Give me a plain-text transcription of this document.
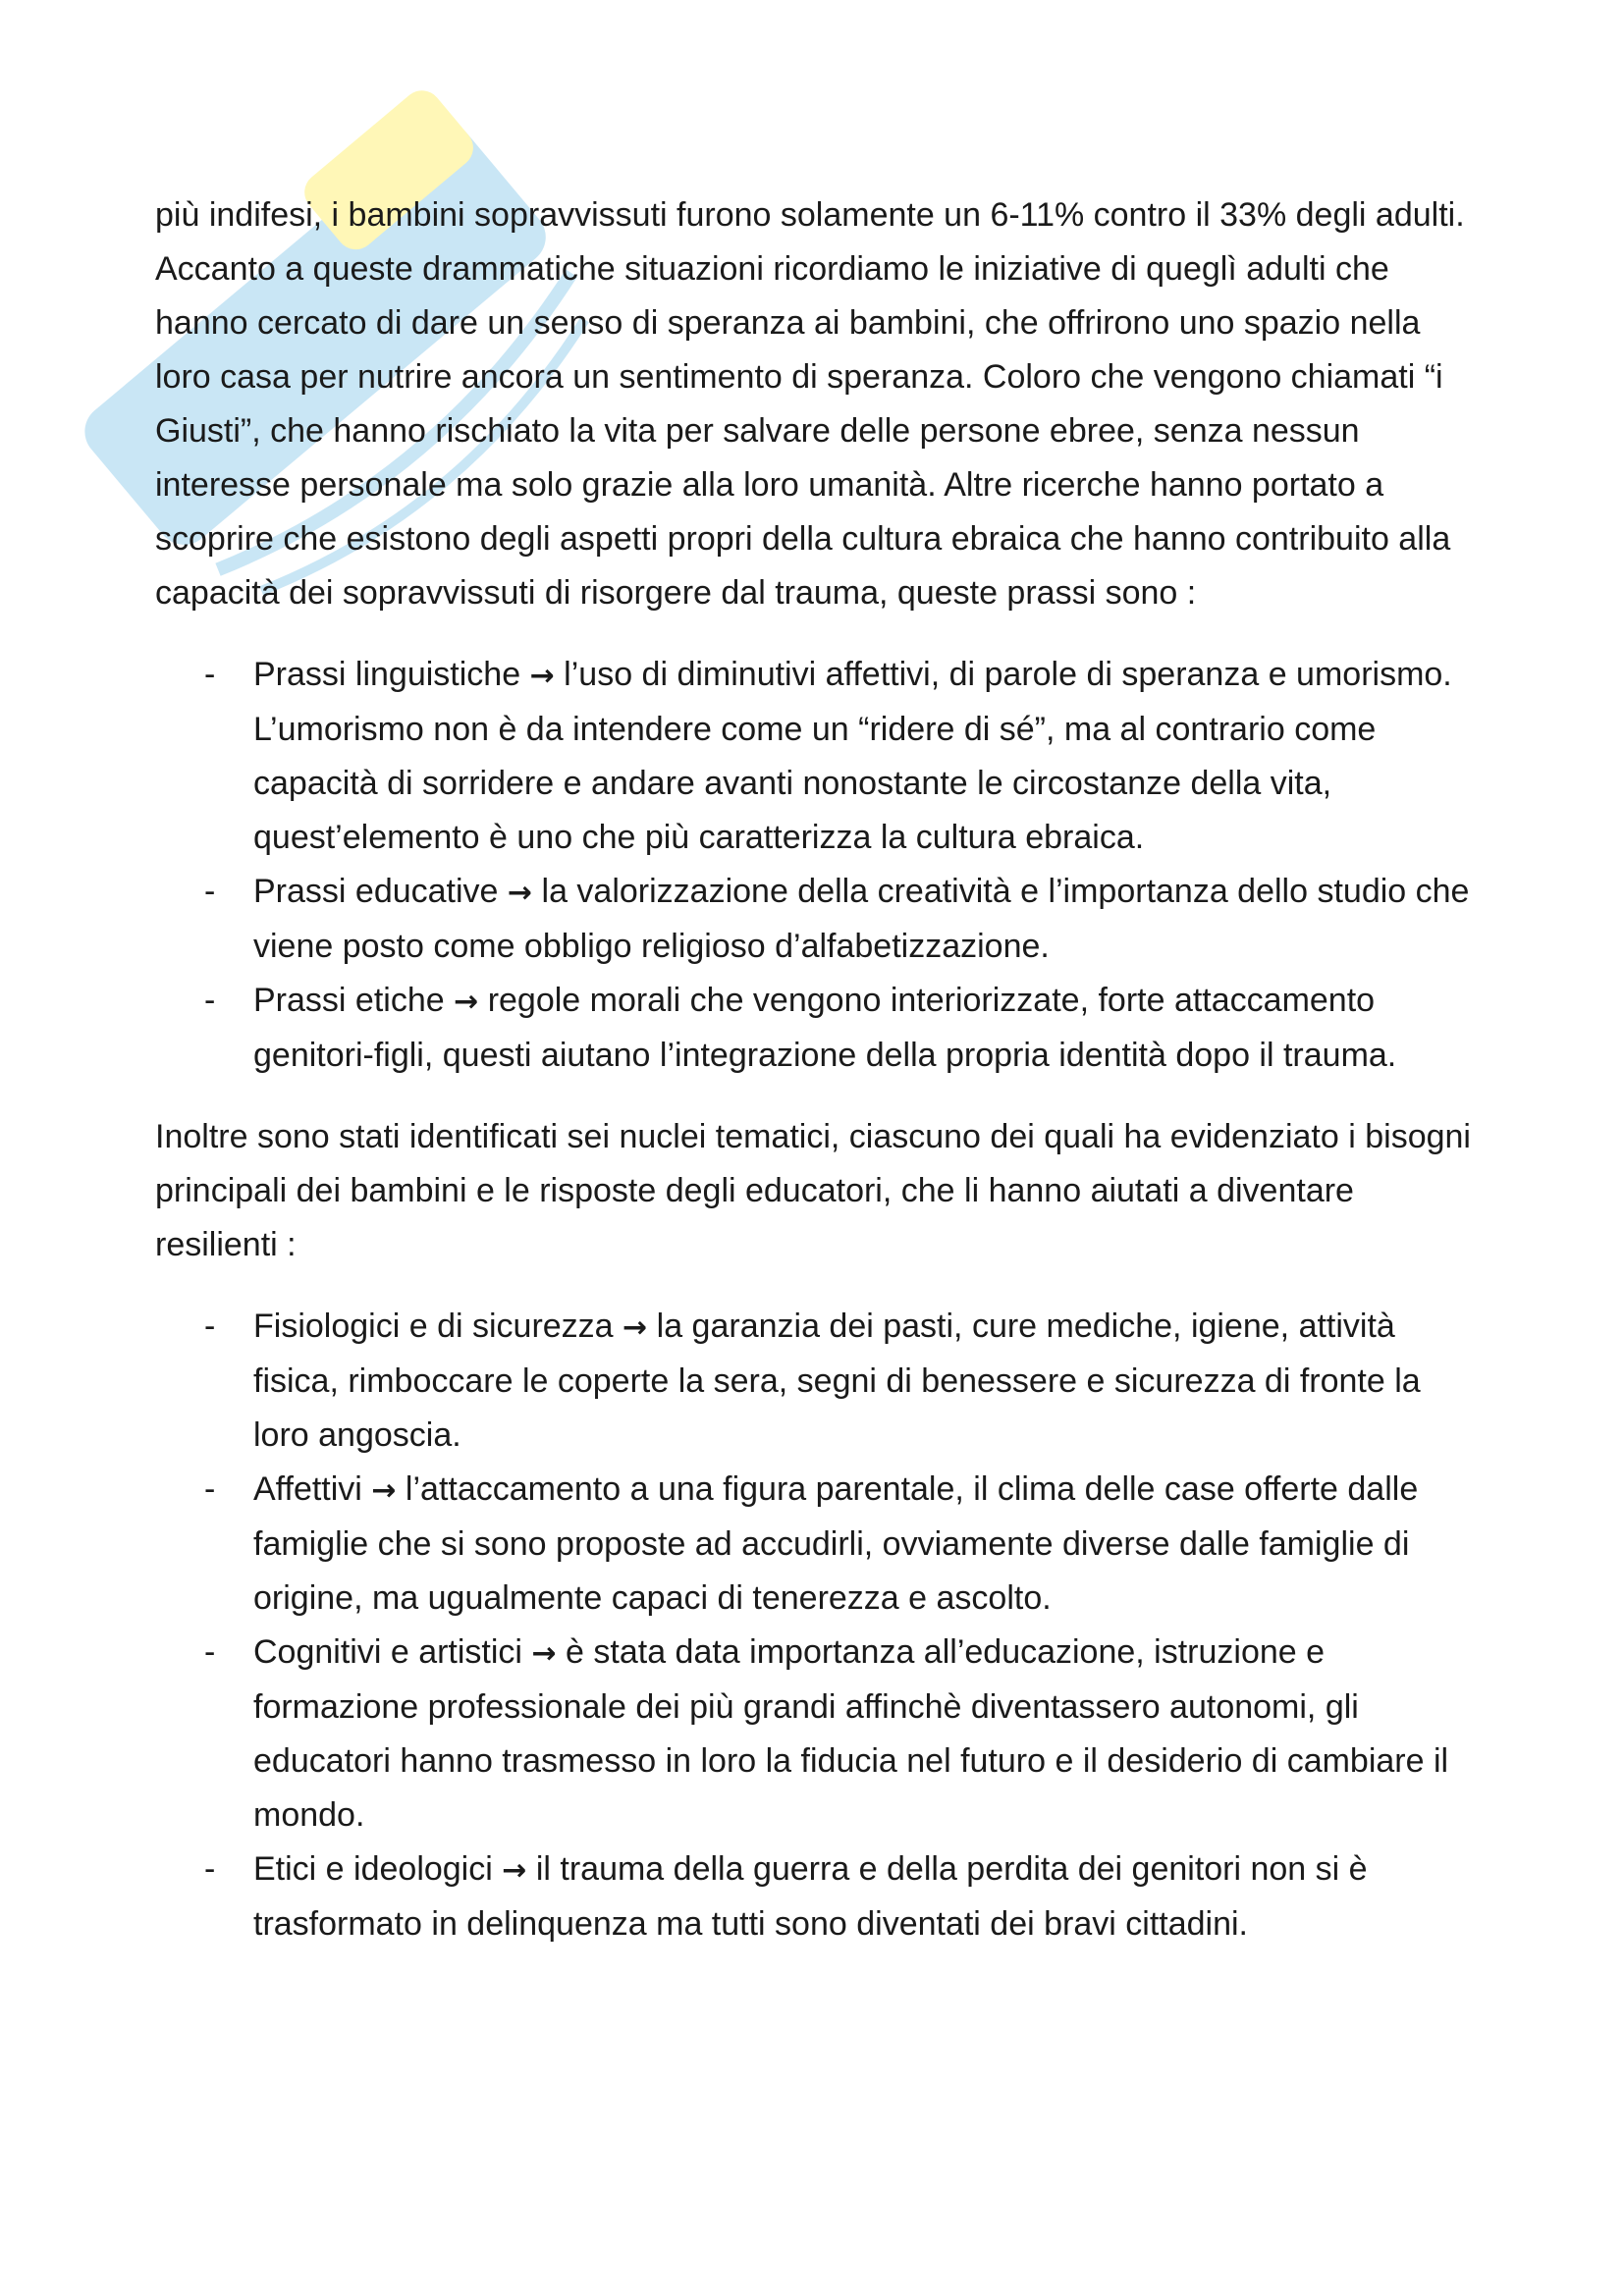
più indifesi, i bambini sopravvissuti furono solamente un 6-11% contro il 33% degli adulti. Accanto a queste drammatiche situazioni ricordiamo le iniziative di queglì adulti che hanno cercato di dare un senso di speranza ai bambini, che offrirono uno spazio nella loro casa per nutrire ancora un sentimento di speranza. Coloro che vengono chiamati “i Giusti”, che hanno rischiato la vita per salvare delle persone ebree, senza nessun interesse personale ma solo grazie alla loro umanità. Altre ricerche hanno portato a scoprire che esistono degli aspetti propri della cultura ebraica che hanno contribuito alla capacità dei sopravvissuti di risorgere dal trauma, queste prassi sono :

- Prassi linguistiche → l’uso di diminutivi affettivi, di parole di speranza e umorismo. L’umorismo non è da intendere come un “ridere di sé”, ma al contrario come capacità di sorridere e andare avanti nonostante le circostanze della vita, quest’elemento è uno che più caratterizza la cultura ebraica.
- Prassi educative → la valorizzazione della creatività e l’importanza dello studio che viene posto come obbligo religioso d’alfabetizzazione.
- Prassi etiche → regole morali che vengono interiorizzate, forte attaccamento genitori-figli, questi aiutano l’integrazione della propria identità dopo il trauma.

Inoltre sono stati identificati sei nuclei tematici, ciascuno dei quali ha evidenziato i bisogni principali dei bambini e le risposte degli educatori, che li hanno aiutati a diventare resilienti :

- Fisiologici e di sicurezza → la garanzia dei pasti, cure mediche, igiene, attività fisica, rimboccare le coperte la sera, segni di benessere e sicurezza di fronte la loro angoscia.
- Affettivi → l’attaccamento a una figura parentale, il clima delle case offerte dalle famiglie che si sono proposte ad accudirli, ovviamente diverse dalle famiglie di origine, ma ugualmente capaci di tenerezza e ascolto.
- Cognitivi e artistici → è stata data importanza all’educazione, istruzione e formazione professionale dei più grandi affinchè diventassero autonomi, gli educatori hanno trasmesso in loro la fiducia nel futuro e il desiderio di cambiare il mondo.
- Etici e ideologici → il trauma della guerra e della perdita dei genitori non si è trasformato in delinquenza ma tutti sono diventati dei bravi cittadini.
